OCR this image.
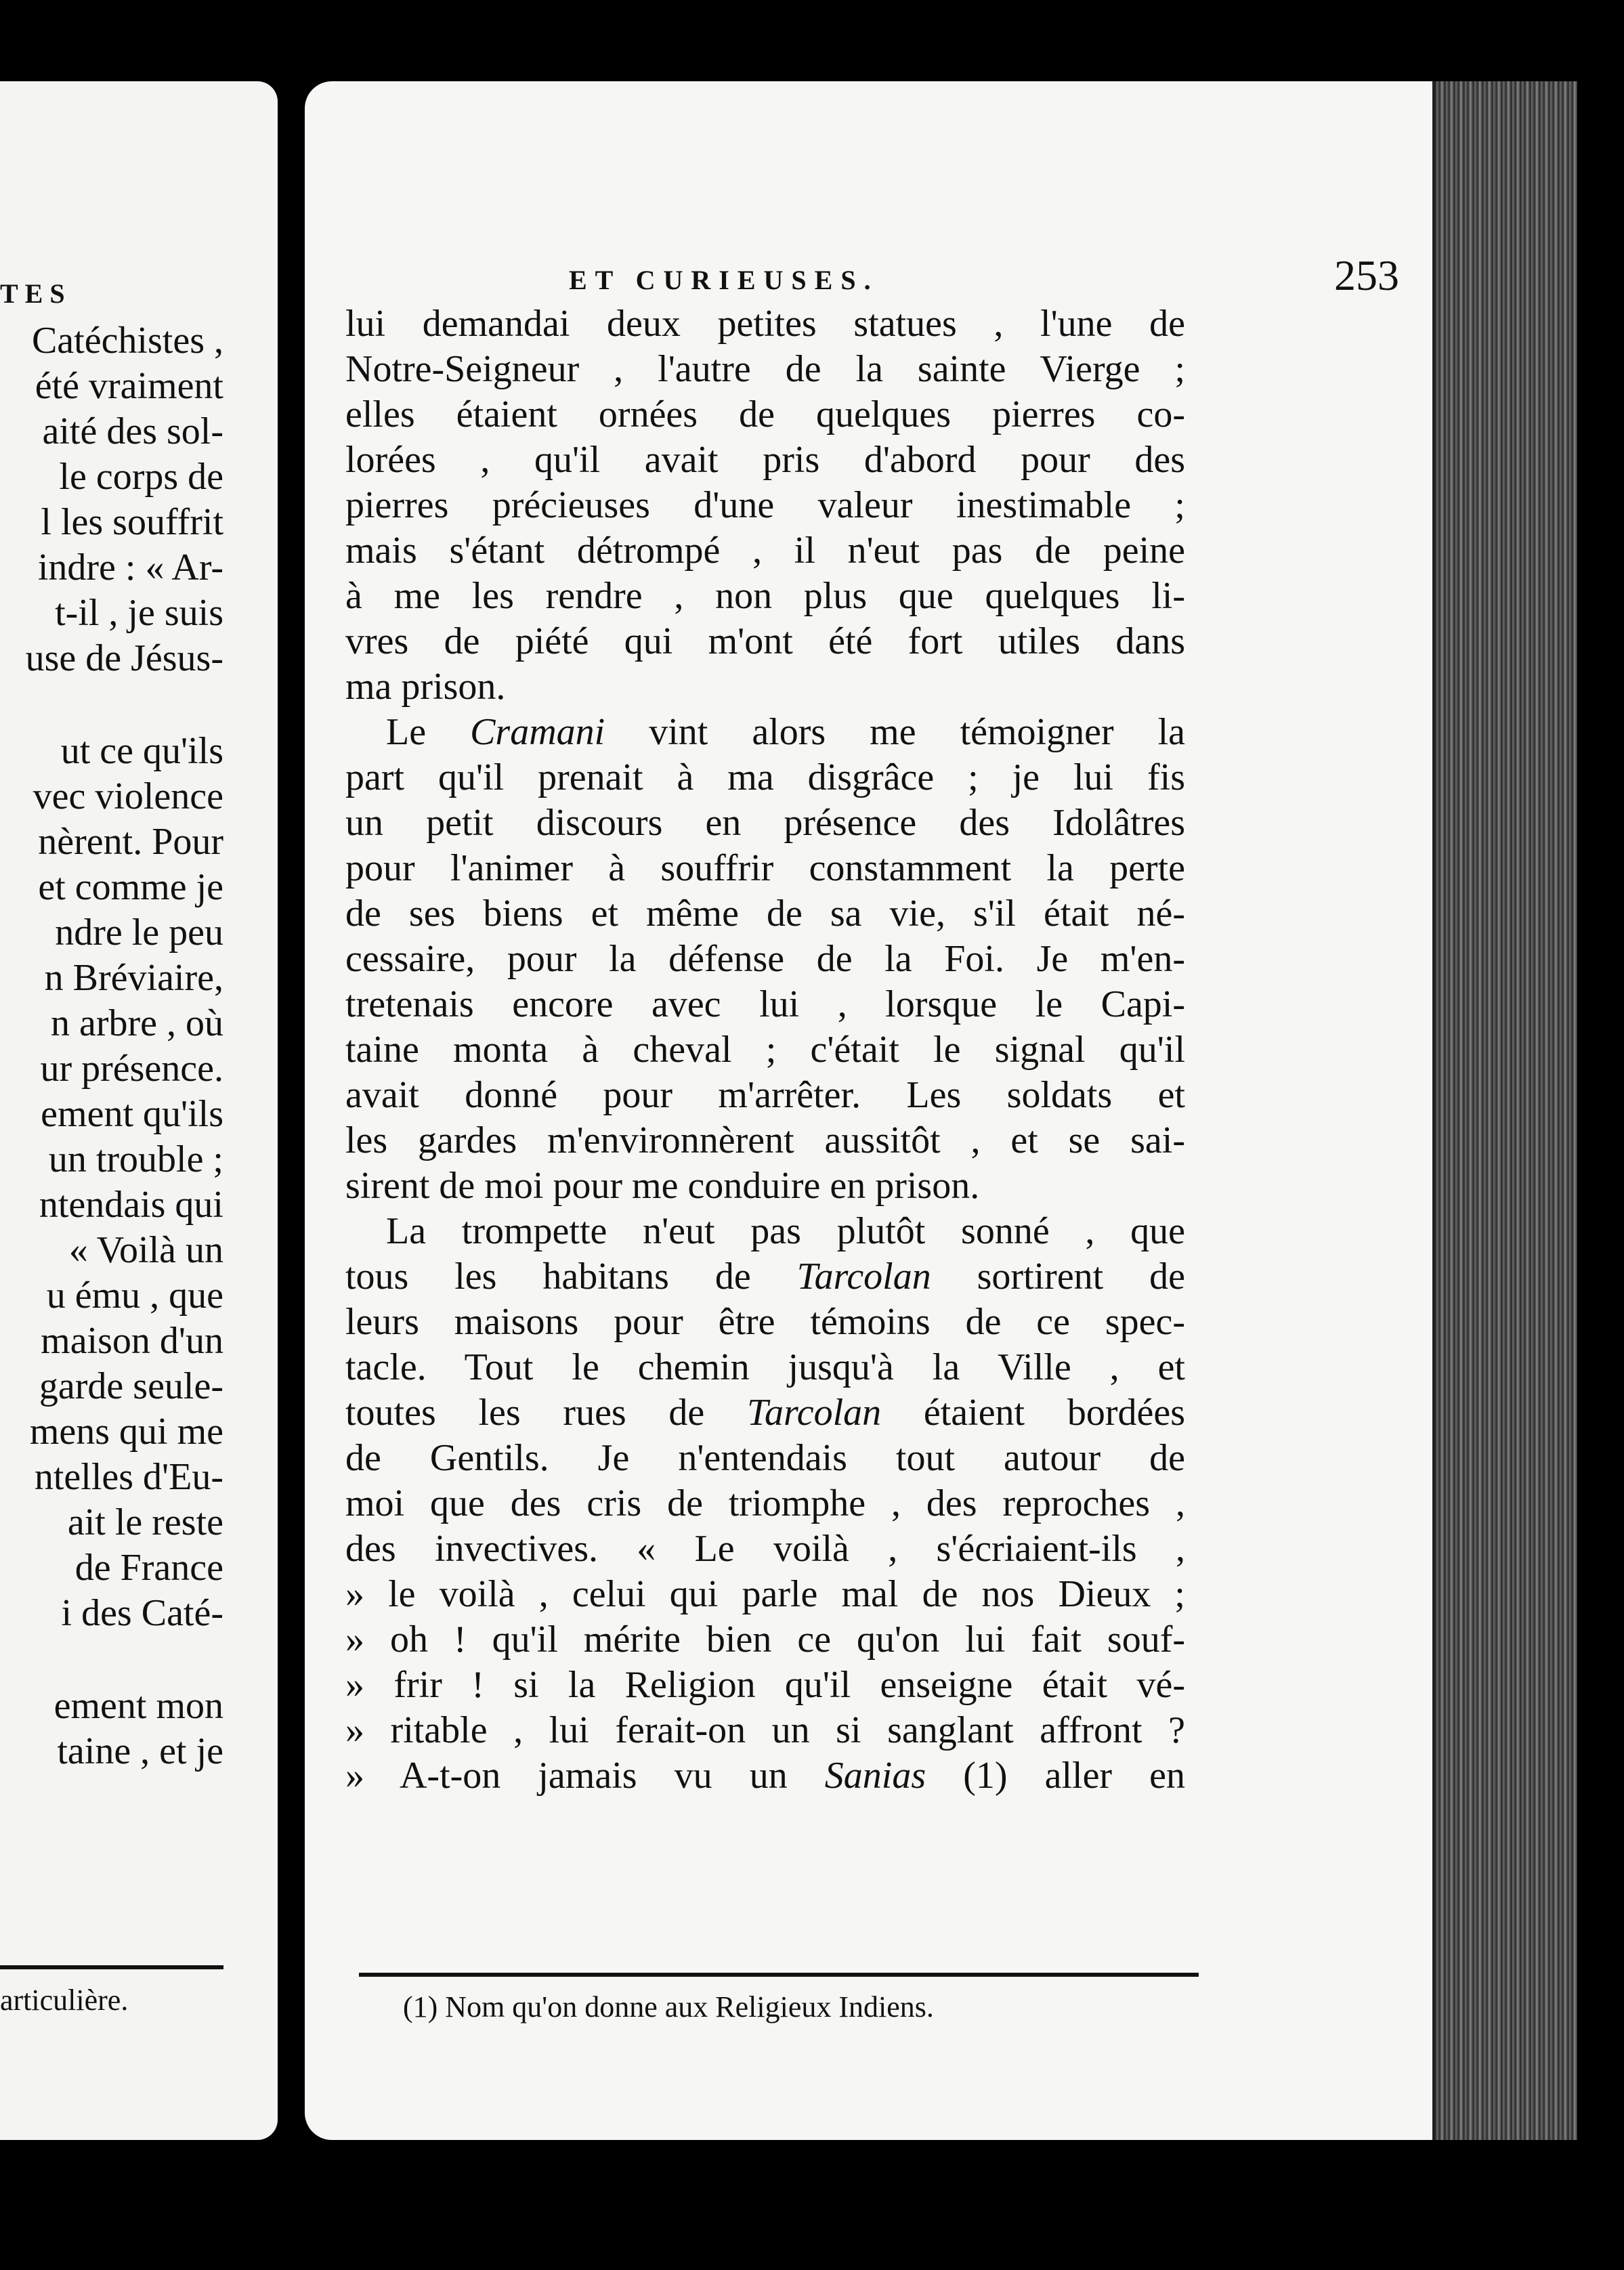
TES
Catéchistes ,
été vraiment
aité des sol-
le corps de
l les souffrit
indre : « Ar-
t-il , je suis
use de Jésus-
ut ce qu'ils
vec violence
nèrent. Pour
et comme je
ndre le peu
n Bréviaire,
n arbre , où
ur présence.
ement qu'ils
un trouble ;
ntendais qui
« Voilà un
u ému , que
maison d'un
garde seule-
mens qui me
ntelles d'Eu-
ait le reste
de France
i des Caté-
ement mon
taine , et je
articulière.
ET CURIEUSES.	253
lui demandai deux petites statues , l'une de
Notre-Seigneur , l'autre de la sainte Vierge ;
elles étaient ornées de quelques pierres co-
lorées , qu'il avait pris d'abord pour des
pierres précieuses d'une valeur inestimable ;
mais s'étant détrompé , il n'eut pas de peine
à me les rendre , non plus que quelques li-
vres de piété qui m'ont été fort utiles dans
ma prison.
Le Cramani vint alors me témoigner la
part qu'il prenait à ma disgrâce ; je lui fis
un petit discours en présence des Idolâtres
pour l'animer à souffrir constamment la perte
de ses biens et même de sa vie, s'il était né-
cessaire, pour la défense de la Foi. Je m'en-
tretenais encore avec lui , lorsque le Capi-
taine monta à cheval ; c'était le signal qu'il
avait donné pour m'arrêter. Les soldats et
les gardes m'environnèrent aussitôt , et se sai-
sirent de moi pour me conduire en prison.
La trompette n'eut pas plutôt sonné , que
tous les habitans de Tarcolan sortirent de
leurs maisons pour être témoins de ce spec-
tacle. Tout le chemin jusqu'à la Ville , et
toutes les rues de Tarcolan étaient bordées
de Gentils. Je n'entendais tout autour de
moi que des cris de triomphe , des reproches ,
des invectives. « Le voilà , s'écriaient-ils ,
» le voilà , celui qui parle mal de nos Dieux ;
» oh ! qu'il mérite bien ce qu'on lui fait souf-
» frir ! si la Religion qu'il enseigne était vé-
» ritable , lui ferait-on un si sanglant affront ?
» A-t-on jamais vu un Sanias (1) aller en
(1) Nom qu'on donne aux Religieux Indiens.
